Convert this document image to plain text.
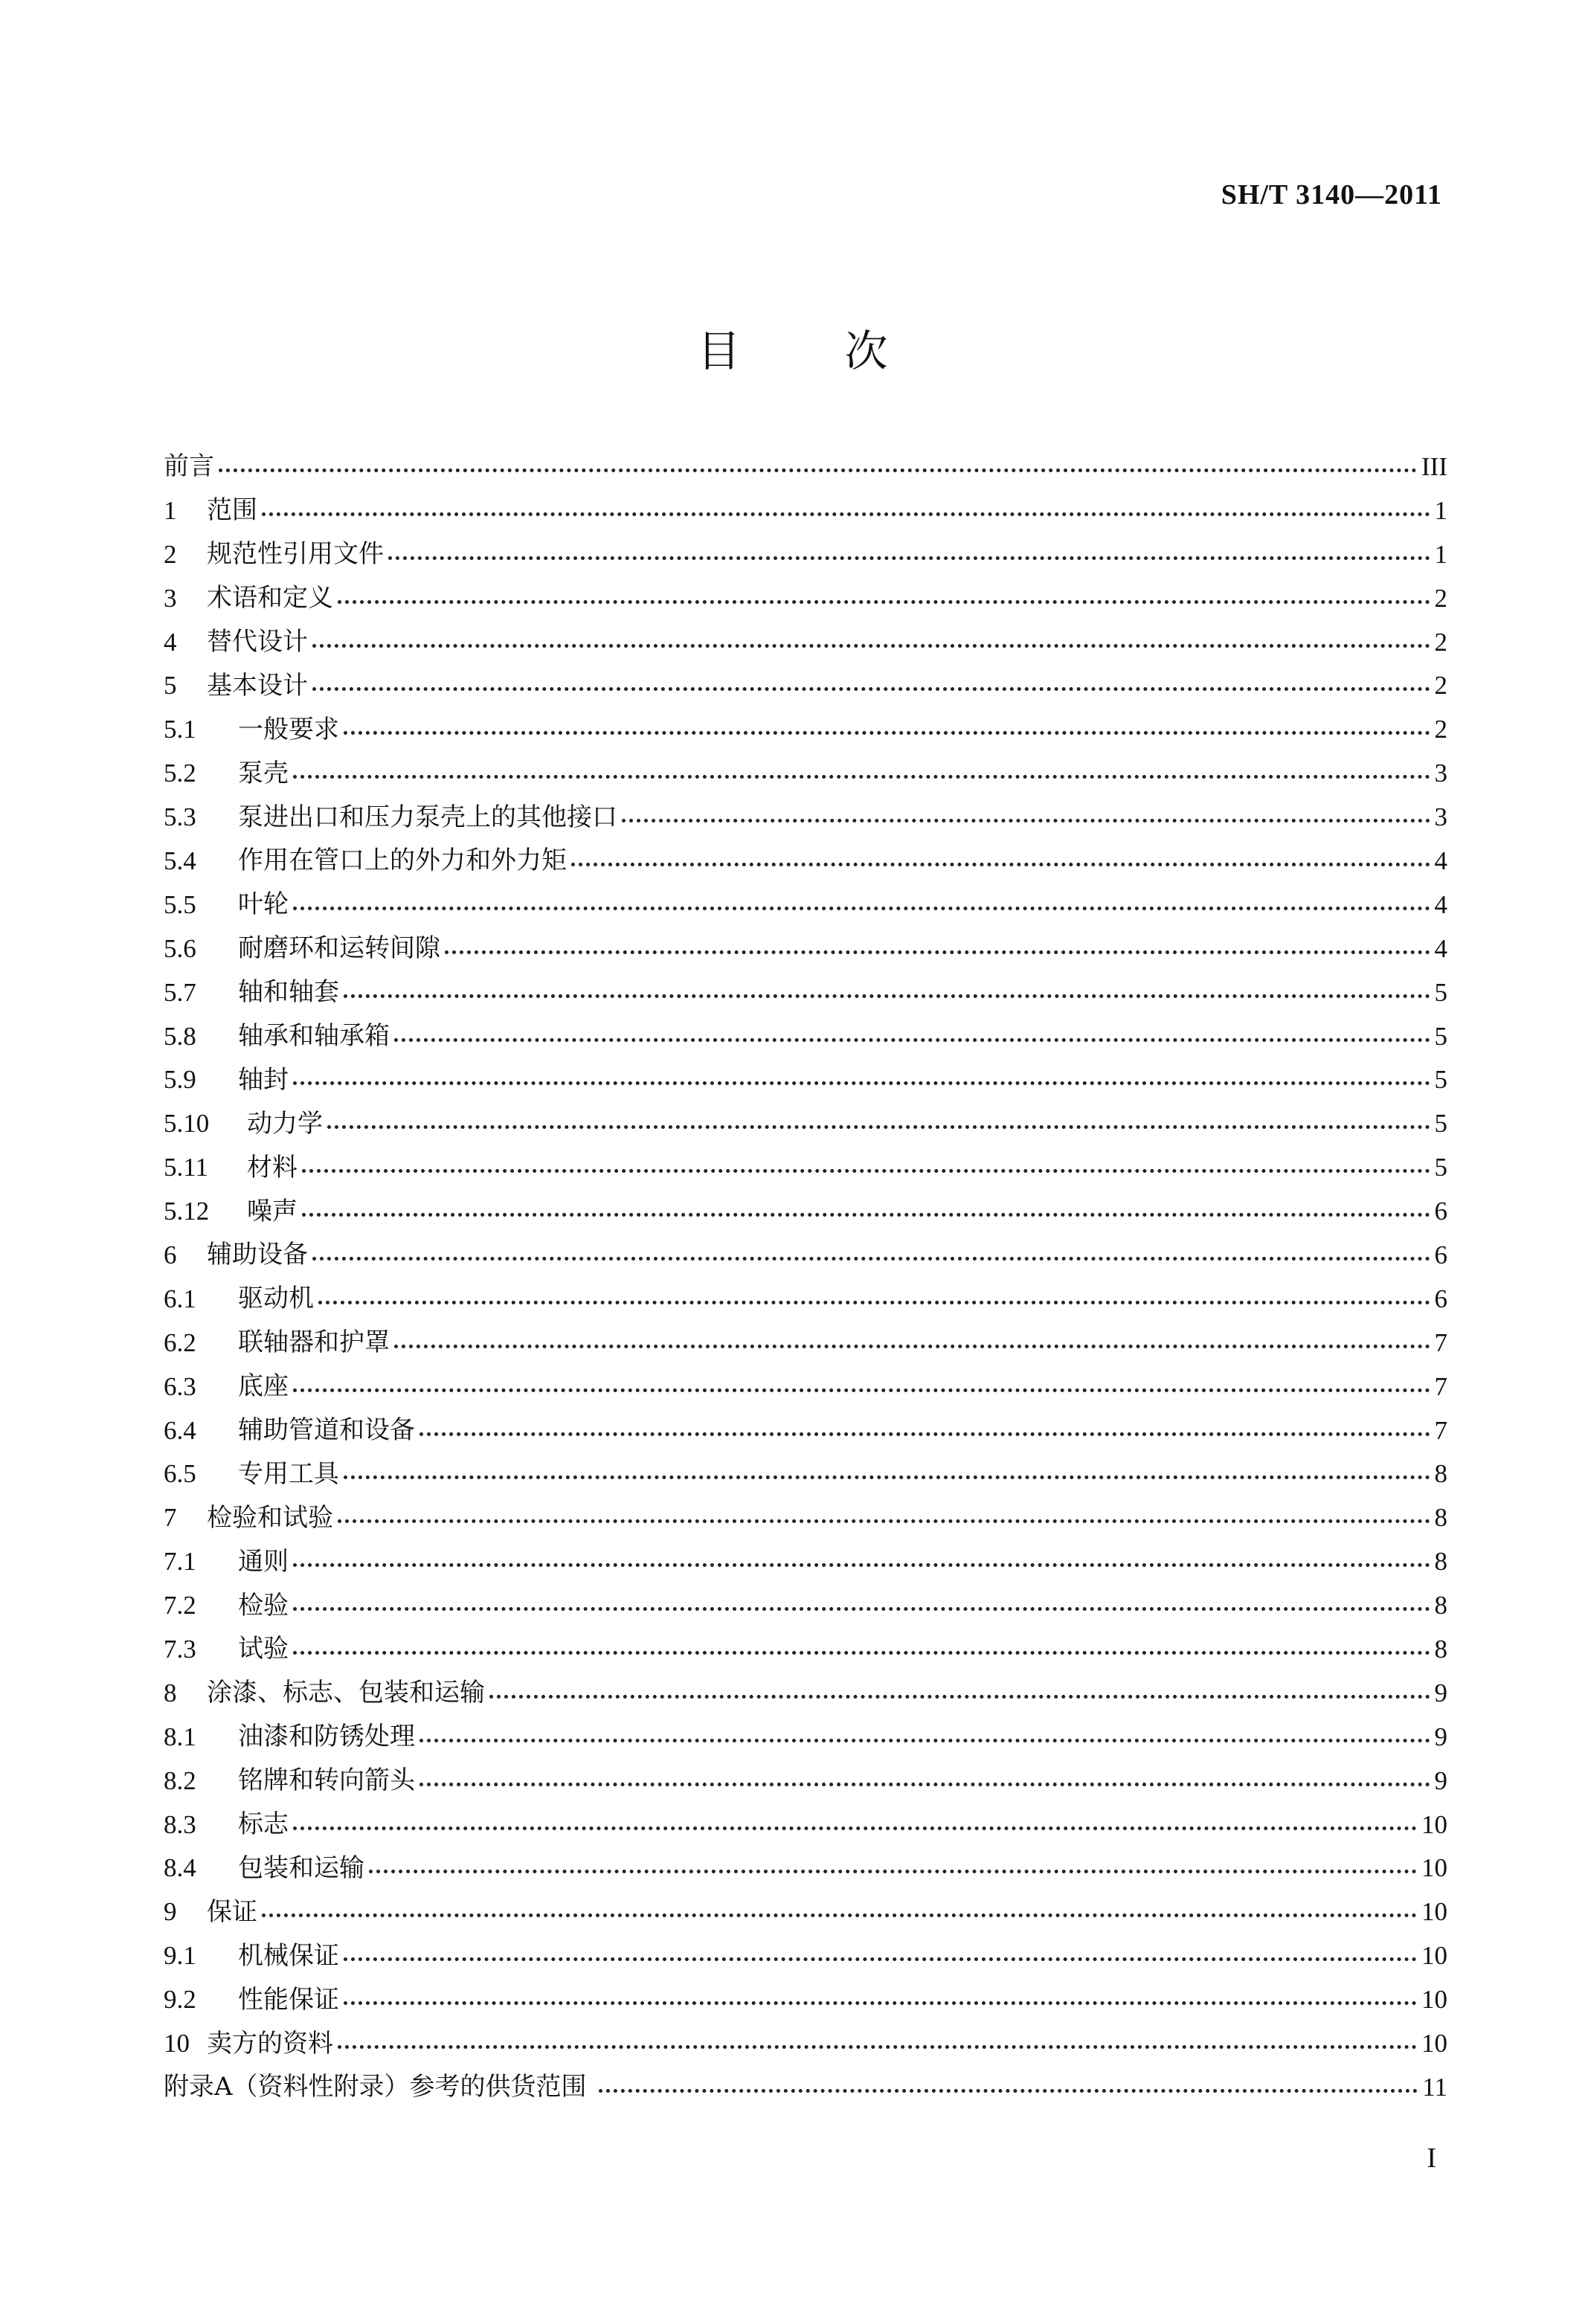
SH/T 3140—2011
目次
前言	III
1	范围	1
2	规范性引用文件	1
3	术语和定义	2
4	替代设计	2
5	基本设计	2
5.1	一般要求	2
5.2	泵壳	3
5.3	泵进出口和压力泵壳上的其他接口	3
5.4	作用在管口上的外力和外力矩	4
5.5	叶轮	4
5.6	耐磨环和运转间隙	4
5.7	轴和轴套	5
5.8	轴承和轴承箱	5
5.9	轴封	5
5.10	动力学	5
5.11	材料	5
5.12	噪声	6
6	辅助设备	6
6.1	驱动机	6
6.2	联轴器和护罩	7
6.3	底座	7
6.4	辅助管道和设备	7
6.5	专用工具	8
7	检验和试验	8
7.1	通则	8
7.2	检验	8
7.3	试验	8
8	涂漆、标志、包装和运输	9
8.1	油漆和防锈处理	9
8.2	铭牌和转向箭头	9
8.3	标志	10
8.4	包装和运输	10
9	保证	10
9.1	机械保证	10
9.2	性能保证	10
10 卖方的资料	10
附录A（资料性附录）参考的供货范围	11
I
